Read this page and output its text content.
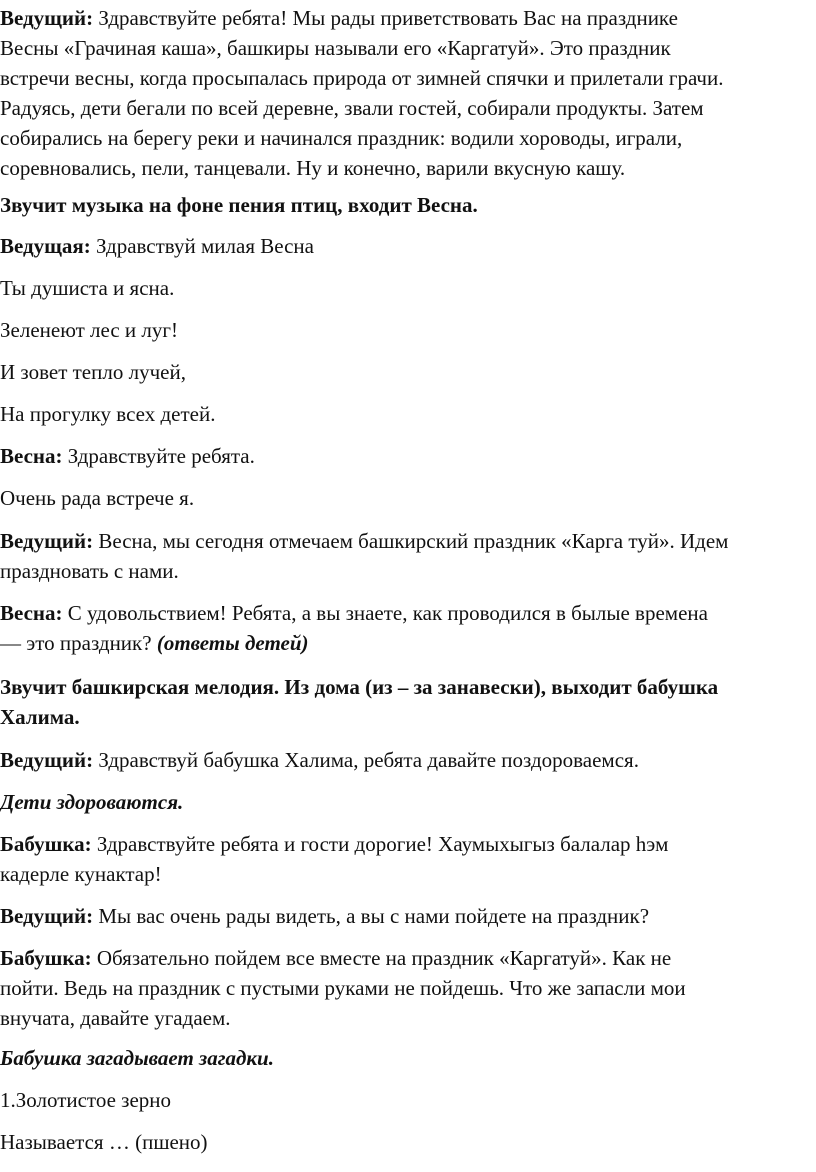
Ведущий: Здравствуйте ребята! Мы рады приветствовать Вас на празднике
Весны «Грачиная каша», башкиры называли его «Каргатуй». Это праздник
встречи весны, когда просыпалась природа от зимней спячки и прилетали грачи.
Радуясь, дети бегали по всей деревне, звали гостей, собирали продукты. Затем
собирались на берегу реки и начинался праздник: водили хороводы, играли,
соревновались, пели, танцевали. Ну и конечно, варили вкусную кашу.

Звучит музыка на фоне пения птиц, входит Весна.

Ведущая: Здравствуй милая Весна

Ты душиста и ясна.

Зеленеют лес и луг!

И зовет тепло лучей,

На прогулку всех детей.

Весна: Здравствуйте ребята.

Очень рада встрече я.

Ведущий: Весна, мы сегодня отмечаем башкирский праздник «Карга туй». Идем
праздновать с нами.

Весна: С удовольствием! Ребята, а вы знаете, как проводился в былые времена
— это праздник? (ответы детей)

Звучит башкирская мелодия. Из дома (из – за занавески), выходит бабушка
Халима.

Ведущий: Здравствуй бабушка Халима, ребята давайте поздороваемся.

Дети здороваются.

Бабушка: Здравствуйте ребята и гости дорогие! Хаумыхыгыз балалар һэм
кадерле кунактар!

Ведущий: Мы вас очень рады видеть, а вы с нами пойдете на праздник?

Бабушка: Обязательно пойдем все вместе на праздник «Каргатуй». Как не
пойти. Ведь на праздник с пустыми руками не пойдешь. Что же запасли мои
внучата, давайте угадаем.

Бабушка загадывает загадки.

1.Золотистое зерно

Называется … (пшено)
